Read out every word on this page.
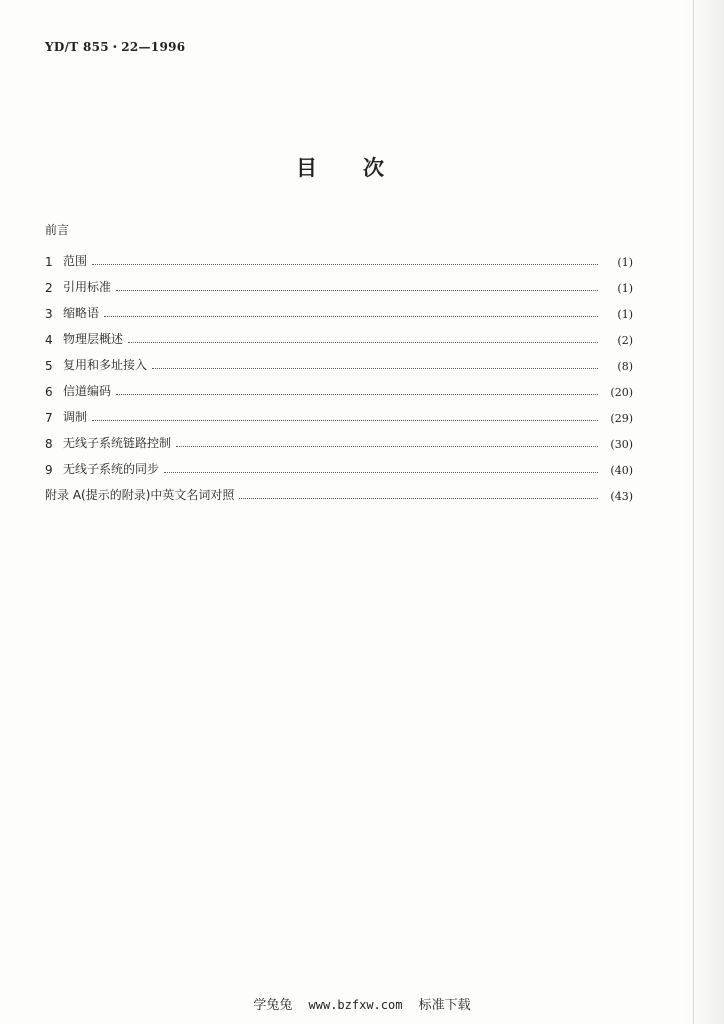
YD/T 855・22—1996
目 次
前言
1 范围	(1)
2 引用标准	(1)
3 缩略语	(1)
4 物理层概述	(2)
5 复用和多址接入	(8)
6 信道编码	(20)
7 调制	(29)
8 无线子系统链路控制	(30)
9 无线子系统的同步	(40)
附录 A(提示的附录)中英文名词对照	(43)
学兔兔 www.bzfxw.com 标准下载
